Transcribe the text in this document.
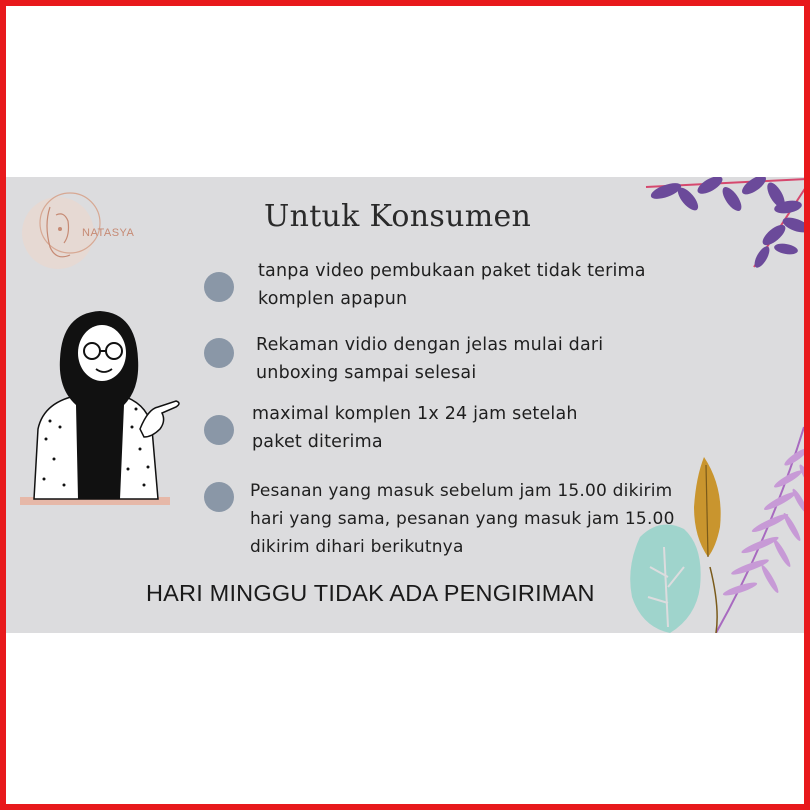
NATASYA	Untuk Konsumen
tanpa video pembukaan paket tidak terima
komplen apapun
Rekaman vidio dengan jelas mulai dari
unboxing sampai selesai
maximal komplen 1x 24 jam setelah
paket diterima
Pesanan yang masuk sebelum jam 15.00 dikirim
hari yang sama, pesanan yang masuk jam 15.00
dikirim dihari berikutnya
HARI MINGGU TIDAK ADA PENGIRIMAN
